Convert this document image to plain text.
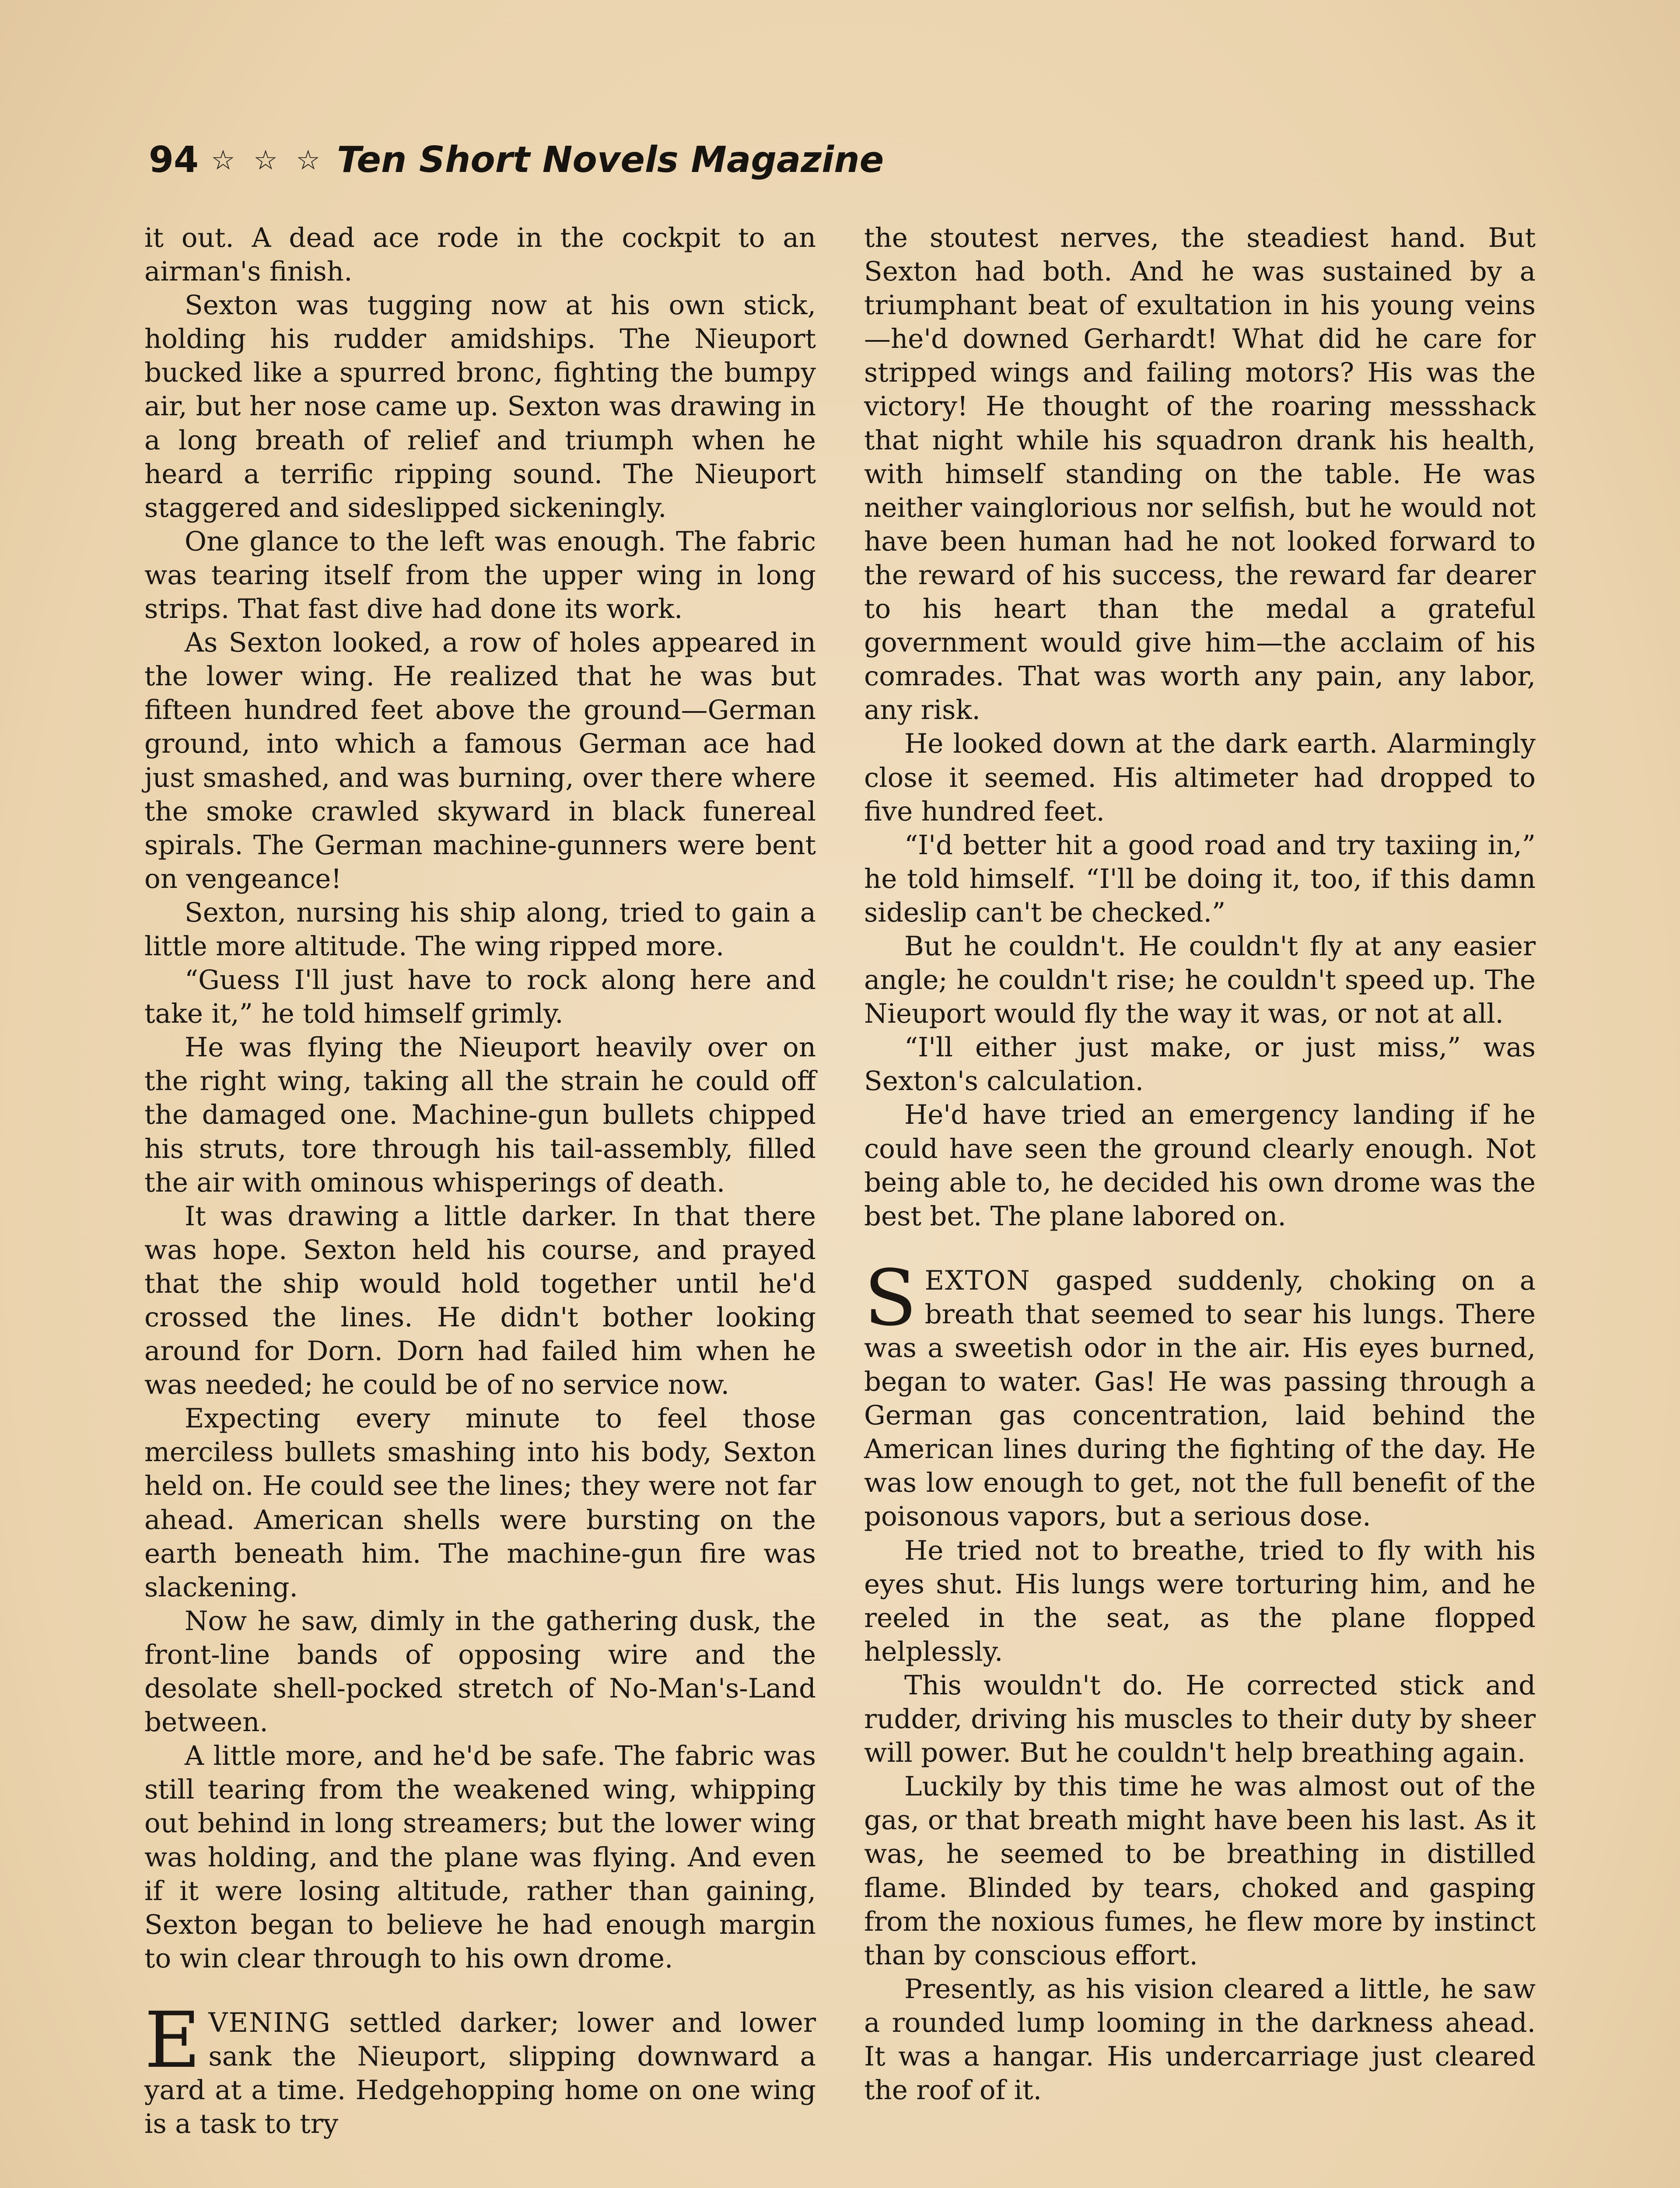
94 ☆ ☆ ☆ Ten Short Novels Magazine

it out. A dead ace rode in the cockpit to an airman's finish.

Sexton was tugging now at his own stick, holding his rudder amidships. The Nieuport bucked like a spurred bronc, fighting the bumpy air, but her nose came up. Sexton was drawing in a long breath of relief and triumph when he heard a terrific ripping sound. The Nieuport staggered and sideslipped sickeningly.

One glance to the left was enough. The fabric was tearing itself from the upper wing in long strips. That fast dive had done its work.

As Sexton looked, a row of holes appeared in the lower wing. He realized that he was but fifteen hundred feet above the ground—German ground, into which a famous German ace had just smashed, and was burning, over there where the smoke crawled skyward in black funereal spirals. The German machine-gunners were bent on vengeance!

Sexton, nursing his ship along, tried to gain a little more altitude. The wing ripped more.

“Guess I'll just have to rock along here and take it,” he told himself grimly.

He was flying the Nieuport heavily over on the right wing, taking all the strain he could off the damaged one. Machine-gun bullets chipped his struts, tore through his tail-assembly, filled the air with ominous whisperings of death.

It was drawing a little darker. In that there was hope. Sexton held his course, and prayed that the ship would hold together until he'd crossed the lines. He didn't bother looking around for Dorn. Dorn had failed him when he was needed; he could be of no service now.

Expecting every minute to feel those merciless bullets smashing into his body, Sexton held on. He could see the lines; they were not far ahead. American shells were bursting on the earth beneath him. The machine-gun fire was slackening.

Now he saw, dimly in the gathering dusk, the front-line bands of opposing wire and the desolate shell-pocked stretch of No-Man's-Land between.

A little more, and he'd be safe. The fabric was still tearing from the weakened wing, whipping out behind in long streamers; but the lower wing was holding, and the plane was flying. And even if it were losing altitude, rather than gaining, Sexton began to believe he had enough margin to win clear through to his own drome.

EVENING settled darker; lower and lower sank the Nieuport, slipping downward a yard at a time. Hedgehopping home on one wing is a task to try

the stoutest nerves, the steadiest hand. But Sexton had both. And he was sustained by a triumphant beat of exultation in his young veins—he'd downed Gerhardt! What did he care for stripped wings and failing motors? His was the victory! He thought of the roaring messshack that night while his squadron drank his health, with himself standing on the table. He was neither vainglorious nor selfish, but he would not have been human had he not looked forward to the reward of his success, the reward far dearer to his heart than the medal a grateful government would give him—the acclaim of his comrades. That was worth any pain, any labor, any risk.

He looked down at the dark earth. Alarmingly close it seemed. His altimeter had dropped to five hundred feet.

“I'd better hit a good road and try taxiing in,” he told himself. “I'll be doing it, too, if this damn sideslip can't be checked.”

But he couldn't. He couldn't fly at any easier angle; he couldn't rise; he couldn't speed up. The Nieuport would fly the way it was, or not at all.

“I'll either just make, or just miss,” was Sexton's calculation.

He'd have tried an emergency landing if he could have seen the ground clearly enough. Not being able to, he decided his own drome was the best bet. The plane labored on.

SEXTON gasped suddenly, choking on a breath that seemed to sear his lungs. There was a sweetish odor in the air. His eyes burned, began to water. Gas! He was passing through a German gas concentration, laid behind the American lines during the fighting of the day. He was low enough to get, not the full benefit of the poisonous vapors, but a serious dose.

He tried not to breathe, tried to fly with his eyes shut. His lungs were torturing him, and he reeled in the seat, as the plane flopped helplessly.

This wouldn't do. He corrected stick and rudder, driving his muscles to their duty by sheer will power. But he couldn't help breathing again.

Luckily by this time he was almost out of the gas, or that breath might have been his last. As it was, he seemed to be breathing in distilled flame. Blinded by tears, choked and gasping from the noxious fumes, he flew more by instinct than by conscious effort.

Presently, as his vision cleared a little, he saw a rounded lump looming in the darkness ahead. It was a hangar. His undercarriage just cleared the roof of it.
